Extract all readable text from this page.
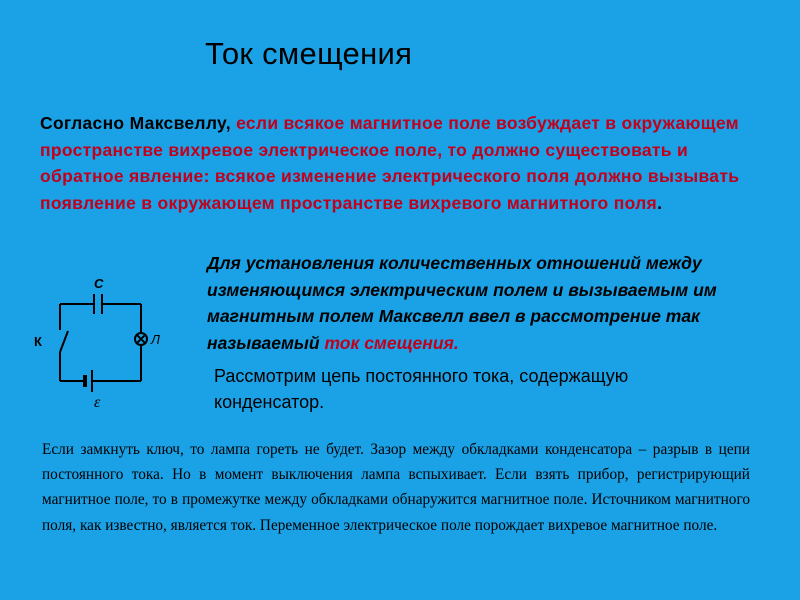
Ток смещения
Согласно Максвеллу, если всякое магнитное поле возбуждает в окружающем пространстве вихревое электрическое поле, то должно существовать и обратное явление: всякое изменение электрического поля должно вызывать появление в окружающем пространстве вихревого магнитного поля.
Для установления количественных отношений между изменяющимся электрическим полем и вызываемым им магнитным полем Максвелл ввел в рассмотрение так называемый ток смещения.
Рассмотрим цепь постоянного тока, содержащую конденсатор.
Если замкнуть ключ, то лампа гореть не будет. Зазор между обкладками конденсатора – разрыв в цепи постоянного тока. Но в момент выключения лампа вспыхивает. Если взять прибор, регистрирующий магнитное поле, то в промежутке между обкладками обнаружится магнитное поле. Источником магнитного поля, как известно, является ток. Переменное электрическое поле порождает вихревое магнитное поле.
C
К	Л
ε
